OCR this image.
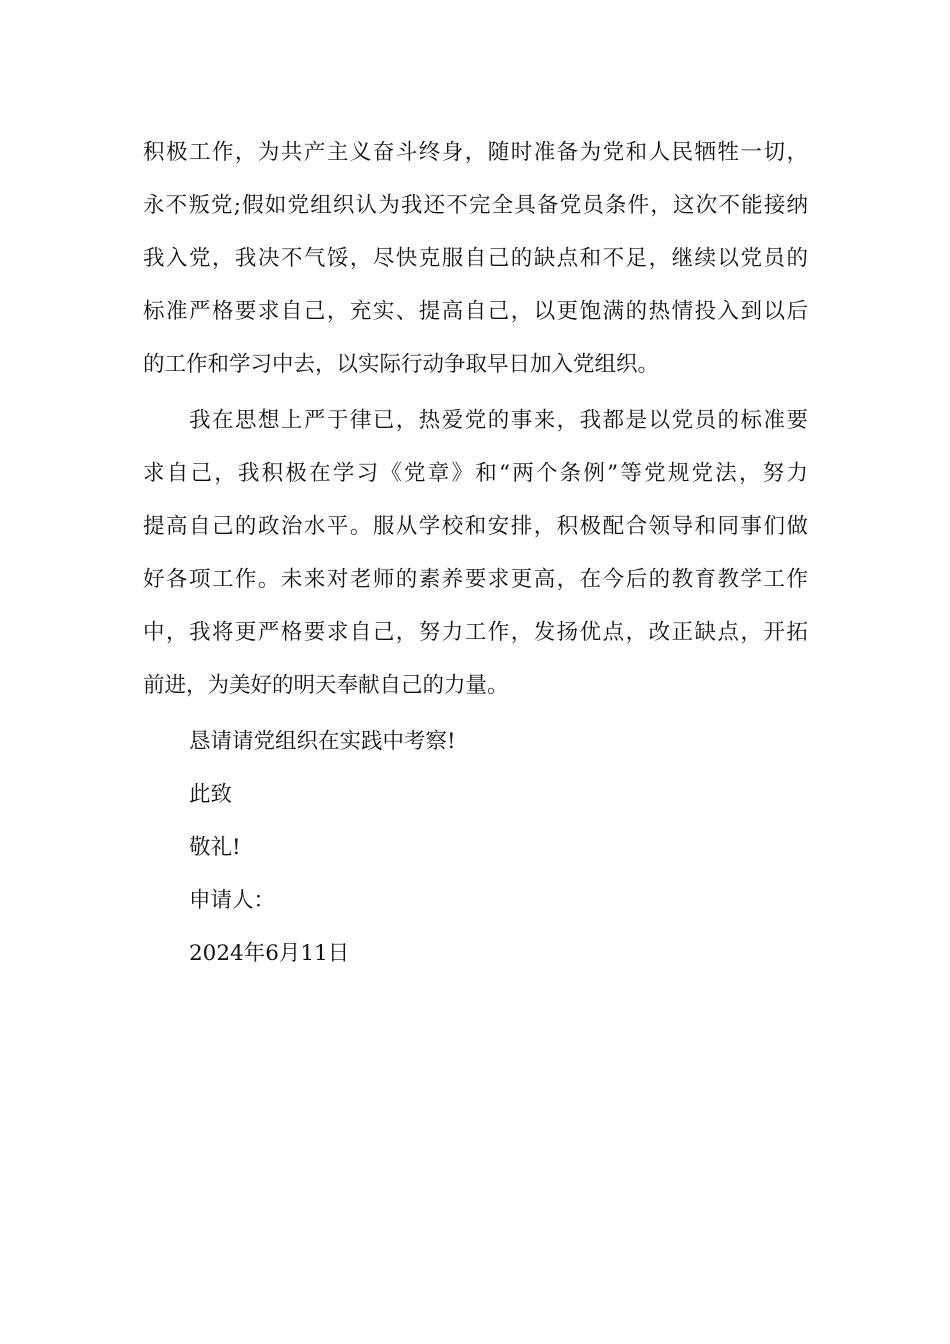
积极工作，为共产主义奋斗终身，随时准备为党和人民牺牲一切，
永不叛党;假如党组织认为我还不完全具备党员条件，这次不能接纳
我入党，我决不气馁，尽快克服自己的缺点和不足，继续以党员的
标准严格要求自己，充实、提高自己，以更饱满的热情投入到以后
的工作和学习中去，以实际行动争取早日加入党组织。
我在思想上严于律已，热爱党的事来，我都是以党员的标准要
求自己，我积极在学习《党章》和“两个条例”等党规党法，努力
提高自己的政治水平。服从学校和安排，积极配合领导和同事们做
好各项工作。未来对老师的素养要求更高，在今后的教育教学工作
中，我将更严格要求自己，努力工作，发扬优点，改正缺点，开拓
前进，为美好的明天奉献自己的力量。
恳请请党组织在实践中考察!
此致
敬礼!
申请人：
2024年6月11日
